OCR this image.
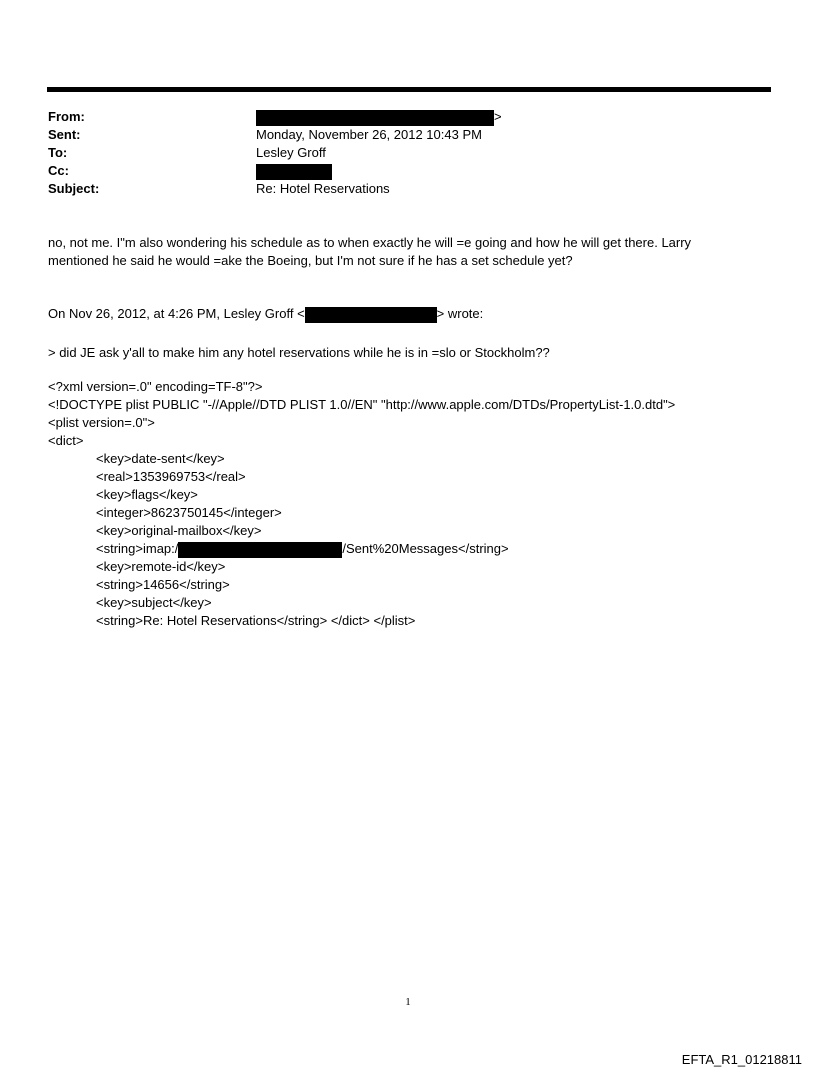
From:	>
Sent:	Monday, November 26, 2012 10:43 PM
To:	Lesley Groff
Cc:
Subject:	Re: Hotel Reservations
no, not me. I"m also wondering his schedule as to when exactly he will =e going and how he will get there. Larry
mentioned he said he would =ake the Boeing, but I'm not sure if he has a set schedule yet?
On Nov 26, 2012, at 4:26 PM, Lesley Groff <	> wrote:
> did JE ask y'all to make him any hotel reservations while he is in =slo or Stockholm??
<?xml version=.0" encoding=TF-8"?>
<!DOCTYPE plist PUBLIC "-//Apple//DTD PLIST 1.0//EN" "http://www.apple.com/DTDs/PropertyList-1.0.dtd">
<plist version=.0">
<dict>
<key>date-sent</key>
<real>1353969753</real>
<key>flags</key>
<integer>8623750145</integer>
<key>original-mailbox</key>
<string>imap:/	/Sent%20Messages</string>
<key>remote-id</key>
<string>14656</string>
<key>subject</key>
<string>Re: Hotel Reservations</string> </dict> </plist>
1
EFTA_R1_01218811
